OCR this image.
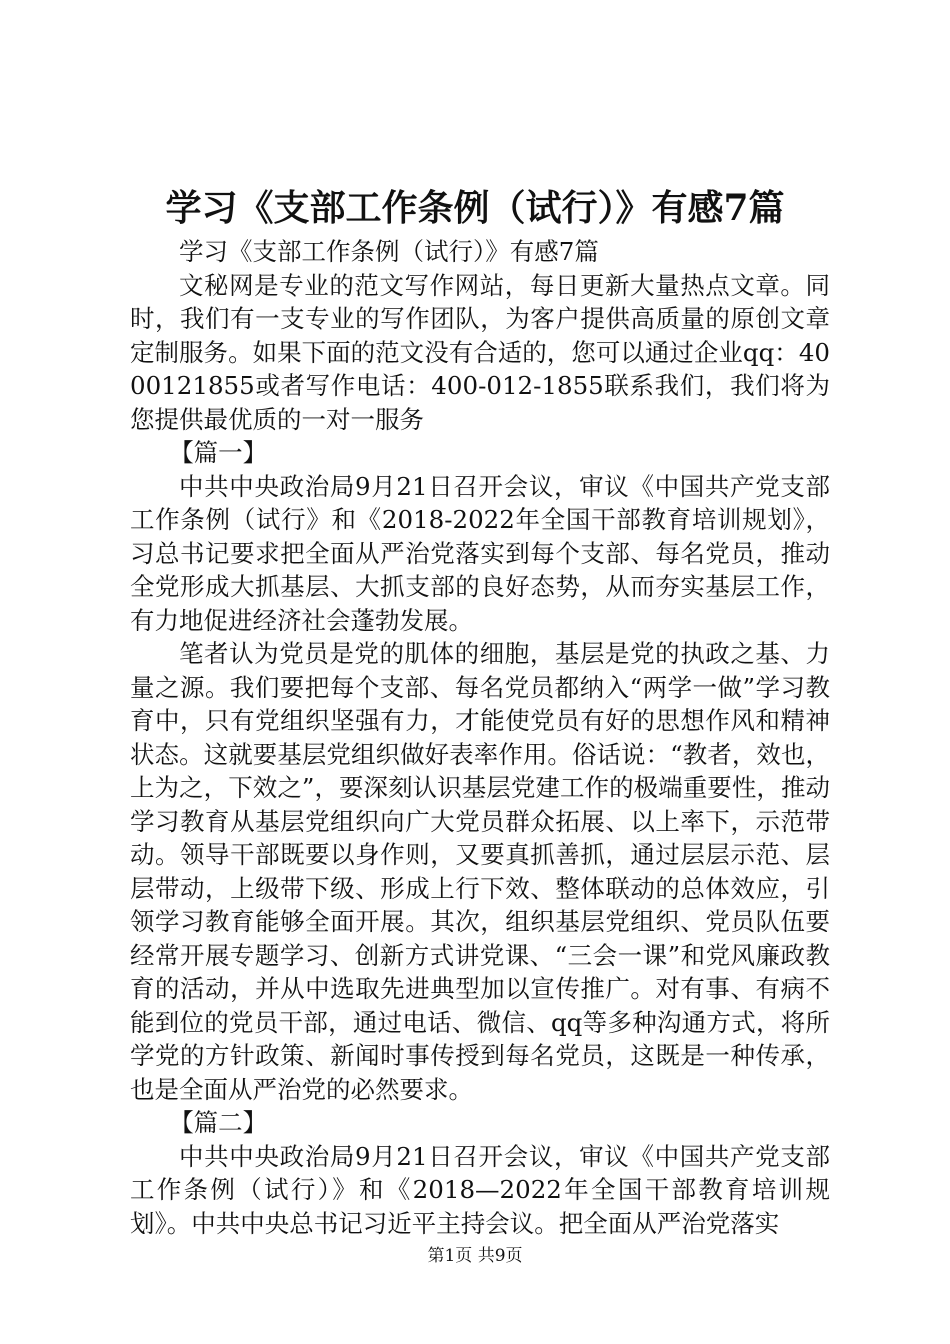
学习《支部工作条例（试行）》有感7篇

学习《支部工作条例（试行）》有感7篇

文秘网是专业的范文写作网站，每日更新大量热点文章。同时，我们有一支专业的写作团队，为客户提供高质量的原创文章定制服务。如果下面的范文没有合适的，您可以通过企业qq：4000121855或者写作电话：400-012-1855联系我们，我们将为您提供最优质的一对一服务

【篇一】

中共中央政治局9月21日召开会议，审议《中国共产党支部工作条例（试行》和《2018-2022年全国干部教育培训规划》，习总书记要求把全面从严治党落实到每个支部、每名党员，推动全党形成大抓基层、大抓支部的良好态势，从而夯实基层工作，有力地促进经济社会蓬勃发展。

笔者认为党员是党的肌体的细胞，基层是党的执政之基、力量之源。我们要把每个支部、每名党员都纳入“两学一做”学习教育中，只有党组织坚强有力，才能使党员有好的思想作风和精神状态。这就要基层党组织做好表率作用。俗话说：“教者，效也，上为之，下效之”，要深刻认识基层党建工作的极端重要性，推动学习教育从基层党组织向广大党员群众拓展、以上率下，示范带动。领导干部既要以身作则，又要真抓善抓，通过层层示范、层层带动，上级带下级、形成上行下效、整体联动的总体效应，引领学习教育能够全面开展。其次，组织基层党组织、党员队伍要经常开展专题学习、创新方式讲党课、“三会一课”和党风廉政教育的活动，并从中选取先进典型加以宣传推广。对有事、有病不能到位的党员干部，通过电话、微信、qq等多种沟通方式，将所学党的方针政策、新闻时事传授到每名党员，这既是一种传承，也是全面从严治党的必然要求。

【篇二】

中共中央政治局9月21日召开会议，审议《中国共产党支部工作条例（试行）》和《2018—2022年全国干部教育培训规划》。中共中央总书记习近平主持会议。把全面从严治党落实

第1页 共9页
